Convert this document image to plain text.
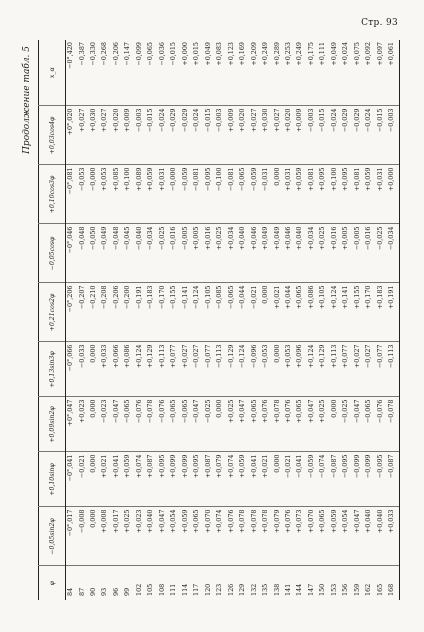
Стр. 93
Продолжение табл. 5
φ	−0,05sin2φ	+0,10sinφ	+0,09sin2φ	+0,13sin3φ	+0,21cos2φ	−0,05cosφ	+0,10cos3φ	+0,03cos4φ	x_α
84	−0°,017	−0°,041	+0°,047	−0°,066	−0°,206	−0°,046	−0°,081	+0°,020	−0°,420
87	−0,008	−0,021	+0,023	−0,033	−0,207	−0,048	−0,053	+0,027	−0,387
90	0,000	0,000	0,000	0,000	−0,210	−0,050	−0,000	+0,030	−0,330
93	+0,008	+0,021	−0,023	+0,033	−0,208	−0,049	+0,053	+0,027	−0,268
96	+0,017	+0,041	−0,047	+0,066	−0,206	−0,048	+0,085	+0,020	−0,206
99	+0,025	+0,059	−0,065	+0,086	−0,200	−0,045	+0,100	+0,009	−0,147
102	+0,023	+0,074	−0,076	+0,124	−0,191	−0,040	+0,089	−0,003	−0,099
105	+0,040	+0,087	−0,078	+0,129	−0,183	−0,034	+0,059	−0,015	−0,065
108	+0,047	+0,095	−0,076	+0,113	−0,170	−0,025	+0,031	−0,024	−0,036
111	+0,054	+0,099	−0,065	+0,077	−0,155	−0,016	−0,000	−0,029	−0,015
114	+0,059	+0,099	−0,065	+0,027	−0,141	−0,005	−0,059	−0,029	+0,000
117	+0,065	+0,095	−0,047	−0,027	−0,124	+0,005	−0,081	−0,024	+0,015
120	+0,070	+0,087	−0,025	−0,077	−0,105	+0,016	−0,095	−0,015	+0,049
123	+0,074	+0,079	0,000	−0,113	−0,085	+0,025	−0,100	−0,003	+0,083
126	+0,076	+0,074	+0,025	−0,129	−0,065	+0,034	−0,081	+0,009	+0,123
129	+0,078	+0,059	+0,047	−0,124	−0,044	+0,040	−0,065	+0,020	+0,169
132	+0,078	+0,041	+0,065	−0,096	−0,021	+0,046	−0,059	+0,027	+0,209
135	+0,078	+0,021	+0,076	−0,053	0,000	+0,049	−0,031	+0,030	+0,249
138	+0,079	0,000	+0,078	0,000	+0,021	+0,049	0,000	+0,027	+0,289
141	+0,076	−0,021	+0,076	+0,053	+0,044	+0,046	+0,031	+0,020	+0,253
144	+0,073	−0,041	+0,065	+0,096	+0,065	+0,040	+0,059	+0,009	+0,249
147	+0,070	−0,059	+0,047	+0,124	+0,086	+0,034	+0,081	−0,003	+0,175
150	+0,065	−0,074	+0,025	+0,129	+0,105	+0,025	+0,095	−0,015	+0,111
153	+0,059	−0,087	0,000	+0,113	+0,124	+0,016	+0,100	−0,024	+0,049
156	+0,054	−0,095	−0,025	+0,077	+0,141	+0,005	+0,095	−0,029	+0,024
159	+0,047	−0,099	−0,047	+0,027	+0,155	−0,005	+0,081	−0,029	+0,075
162	+0,040	−0,099	−0,065	−0,027	+0,170	−0,016	+0,059	−0,024	+0,092
165	+0,040	−0,095	−0,076	−0,077	+0,183	−0,025	+0,031	−0,015	+0,097
168	+0,033	−0,087	−0,078	−0,113	+0,191	−0,034	+0,000	−0,003	+0,061
